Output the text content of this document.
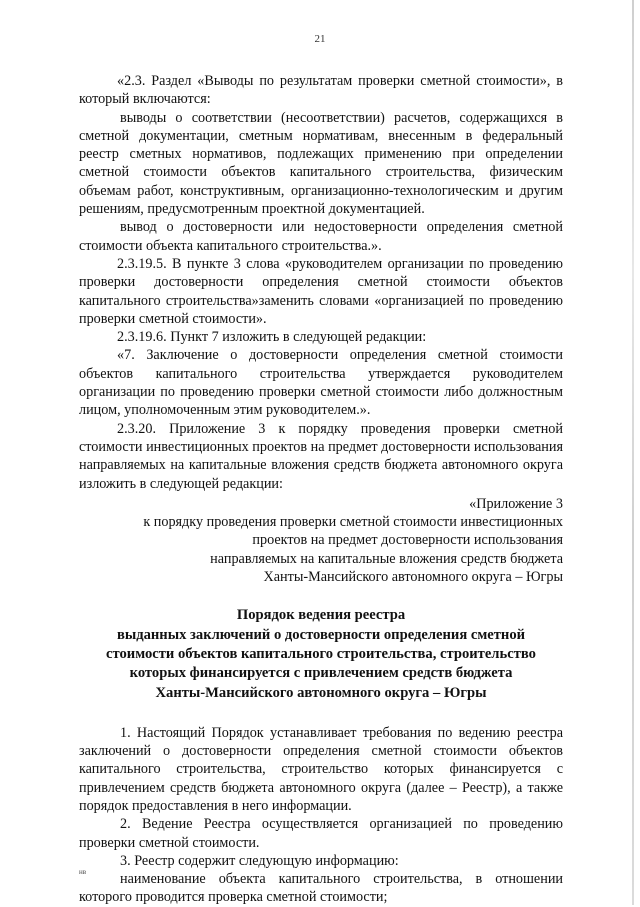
21

«2.3. Раздел «Выводы по результатам проверки сметной стоимости», в который включаются:

выводы о соответствии (несоответствии) расчетов, содержащихся в сметной документации, сметным нормативам, внесенным в федеральный реестр сметных нормативов, подлежащих применению при определении сметной стоимости объектов капитального строительства, физическим объемам работ, конструктивным, организационно-технологическим и другим решениям, предусмотренным проектной документацией.

вывод о достоверности или недостоверности определения сметной стоимости объекта капитального строительства.».

2.3.19.5. В пункте 3 слова «руководителем организации по проведению проверки достоверности определения сметной стоимости объектов капитального строительства»заменить словами «организацией по проведению проверки сметной стоимости».

2.3.19.6. Пункт 7 изложить в следующей редакции:

«7. Заключение о достоверности определения сметной стоимости объектов капитального строительства утверждается руководителем организации по проведению проверки сметной стоимости либо должностным лицом, уполномоченным этим руководителем.».

2.3.20. Приложение 3 к порядку проведения проверки сметной стоимости инвестиционных проектов на предмет достоверности использования направляемых на капитальные вложения средств бюджета автономного округа изложить в следующей редакции:

«Приложение 3
к порядку проведения проверки сметной стоимости инвестиционных
проектов на предмет достоверности использования
направляемых на капитальные вложения средств бюджета
Ханты-Мансийского автономного округа – Югры
Порядок ведения реестра
выданных заключений о достоверности определения сметной
стоимости объектов капитального строительства, строительство
которых финансируется с привлечением средств бюджета
Ханты-Мансийского автономного округа – Югры

1. Настоящий Порядок устанавливает требования по ведению реестра заключений о достоверности определения сметной стоимости объектов капитального строительства, строительство которых финансируется с привлечением средств бюджета автономного округа (далее – Реестр), а также порядок предоставления в него информации.

2. Ведение Реестра осуществляется организацией по проведению проверки сметной стоимости.

3. Реестр содержит следующую информацию:

наименование объекта капитального строительства, в отношении которого проводится проверка сметной стоимости;

нв
